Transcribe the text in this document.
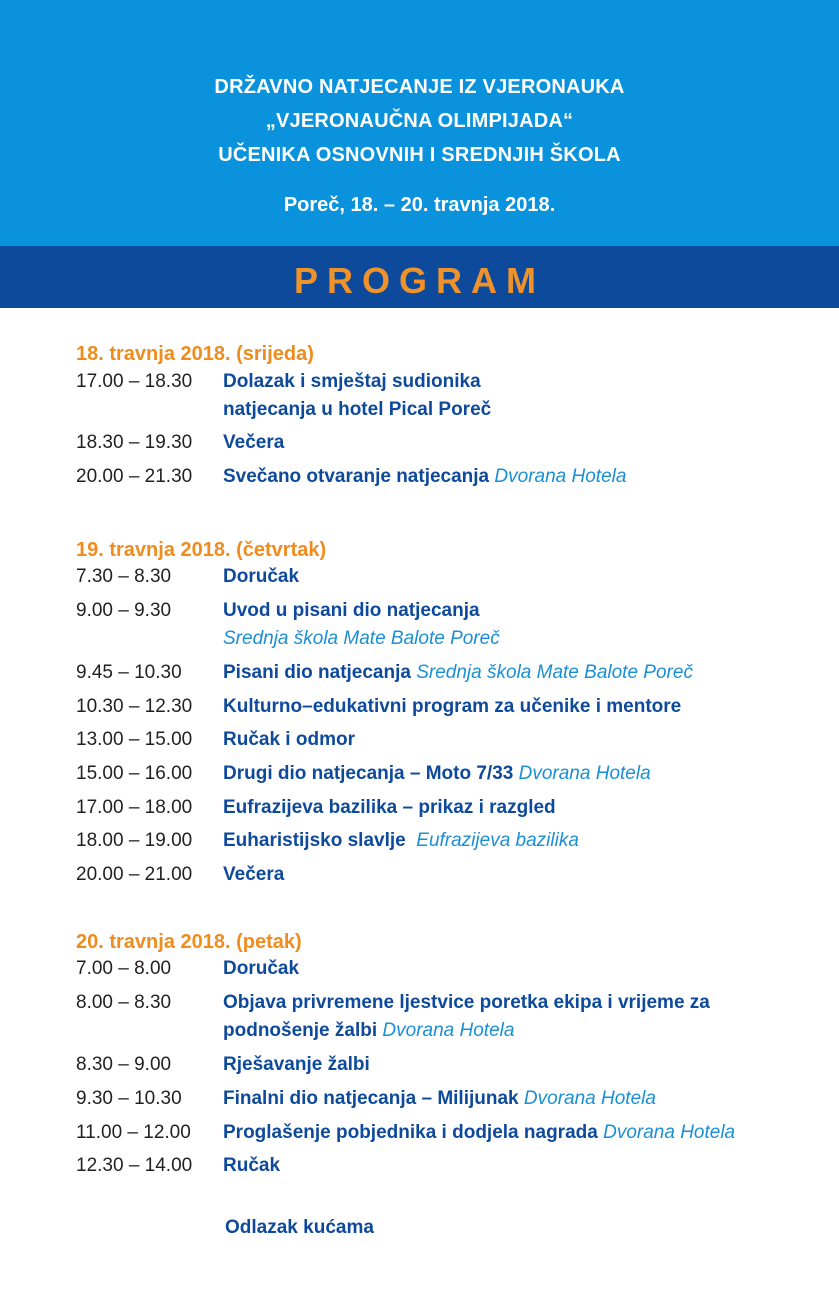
DRŽAVNO NATJECANJE IZ VJERONAUKA
„VJERONAUČNA OLIMPIJADA“
UČENIKA OSNOVNIH I SREDNJIH ŠKOLA
Poreč, 18. – 20. travnja 2018.
PROGRAM
18. travnja 2018. (srijeda)
17.00 – 18.30 Dolazak i smještaj sudionika
natjecanja u hotel Pical Poreč
18.30 – 19.30 Večera
20.00 – 21.30 Svečano otvaranje natjecanja Dvorana Hotela
19. travnja 2018. (četvrtak)
7.30 – 8.30	Doručak
9.00 – 9.30	Uvod u pisani dio natjecanja
Srednja škola Mate Balote Poreč
9.45 – 10.30 Pisani dio natjecanja Srednja škola Mate Balote Poreč
10.30 – 12.30 Kulturno–edukativni program za učenike i mentore
13.00 – 15.00 Ručak i odmor
15.00 – 16.00 Drugi dio natjecanja – Moto 7/33 Dvorana Hotela
17.00 – 18.00 Eufrazijeva bazilika – prikaz i razgled
18.00 – 19.00 Euharistijsko slavlje Eufrazijeva bazilika
20.00 – 21.00 Večera
20. travnja 2018. (petak)
7.00 – 8.00	Doručak
8.00 – 8.30	Objava privremene ljestvice poretka ekipa i vrijeme za
podnošenje žalbi Dvorana Hotela
8.30 – 9.00	Rješavanje žalbi
9.30 – 10.30 Finalni dio natjecanja – Milijunak Dvorana Hotela
11.00 – 12.00 Proglašenje pobjednika i dodjela nagrada Dvorana Hotela
12.30 – 14.00 Ručak
Odlazak kućama
